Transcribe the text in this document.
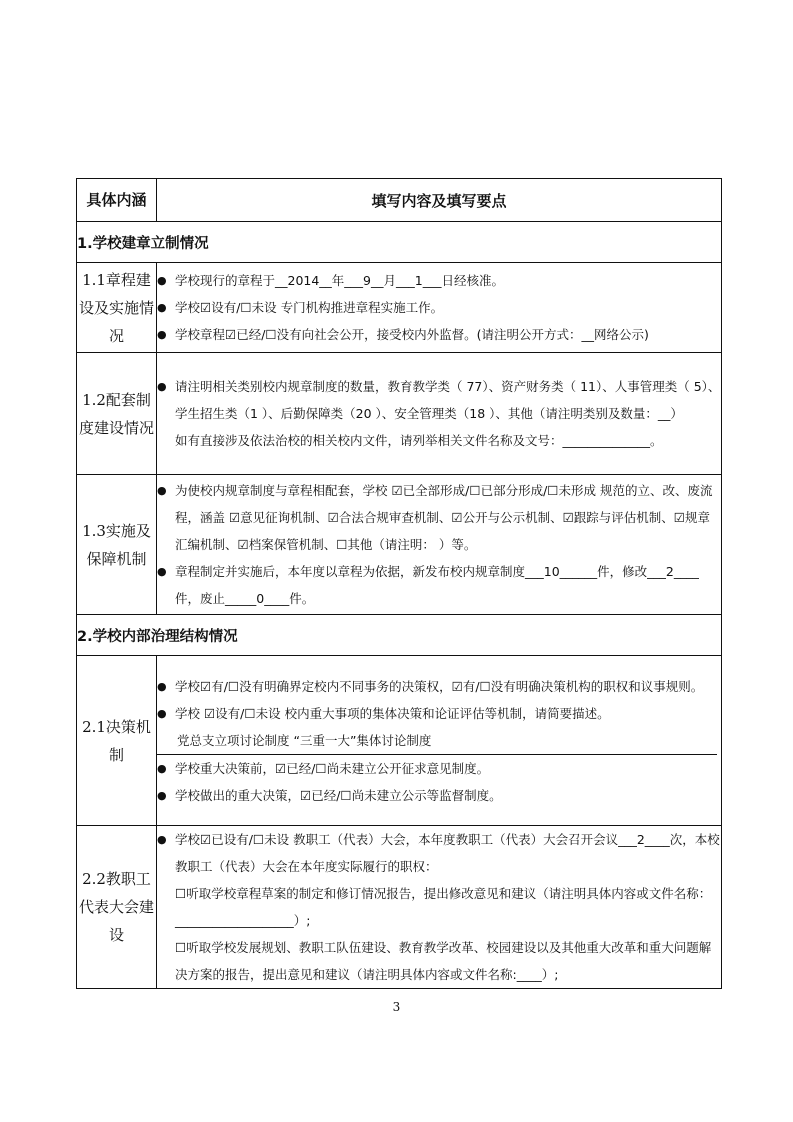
具体内涵	填写内容及填写要点
1.学校建章立制情况	
1.1章程建设及实施情况	● 学校现行的章程于__2014__年___9__月___1___日经核准。
● 学校☑设有/☐未设 专门机构推进章程实施工作。
● 学校章程☑已经/☐没有向社会公开，接受校内外监督。(请注明公开方式：__网络公示)

1.2配套制度建设情况	● 请注明相关类别校内规章制度的数量，教育教学类（ 77）、资产财务类（ 11）、人事管理类（ 5）、学生招生类（1 ）、后勤保障类（20 ）、安全管理类（18 ）、其他（请注明类别及数量：__）
如有直接涉及依法治校的相关校内文件，请列举相关文件名称及文号：______________。

1.3实施及保障机制	● 为使校内规章制度与章程相配套，学校 ☑已全部形成/☐已部分形成/☐未形成 规范的立、改、废流程，涵盖 ☑意见征询机制、☑合法合规审查机制、☑公开与公示机制、☑跟踪与评估机制、☑规章汇编机制、☑档案保管机制、☐其他（请注明： ）等。
● 章程制定并实施后，本年度以章程为依据，新发布校内规章制度___10______件，修改___2____件，废止_____0____件。

2.学校内部治理结构情况	
2.1决策机制	● 学校☑有/☐没有明确界定校内不同事务的决策权，☑有/☐没有明确决策机构的职权和议事规则。
● 学校 ☑设有/☐未设 校内重大事项的集体决策和论证评估等机制，请简要描述。
党总支立项讨论制度 “三重一大”集体讨论制度
● 学校重大决策前，☑已经/☐尚未建立公开征求意见制度。
● 学校做出的重大决策，☑已经/☐尚未建立公示等监督制度。

2.2教职工代表大会建设	● 学校☑已设有/☐未设 教职工（代表）大会，本年度教职工（代表）大会召开会议___2____次，本校教职工（代表）大会在本年度实际履行的职权：
☐听取学校章程草案的制定和修订情况报告，提出修改意见和建议（请注明具体内容或文件名称：___________________）;
☐听取学校发展规划、教职工队伍建设、教育教学改革、校园建设以及其他重大改革和重大问题解决方案的报告，提出意见和建议（请注明具体内容或文件名称:____）;
3
